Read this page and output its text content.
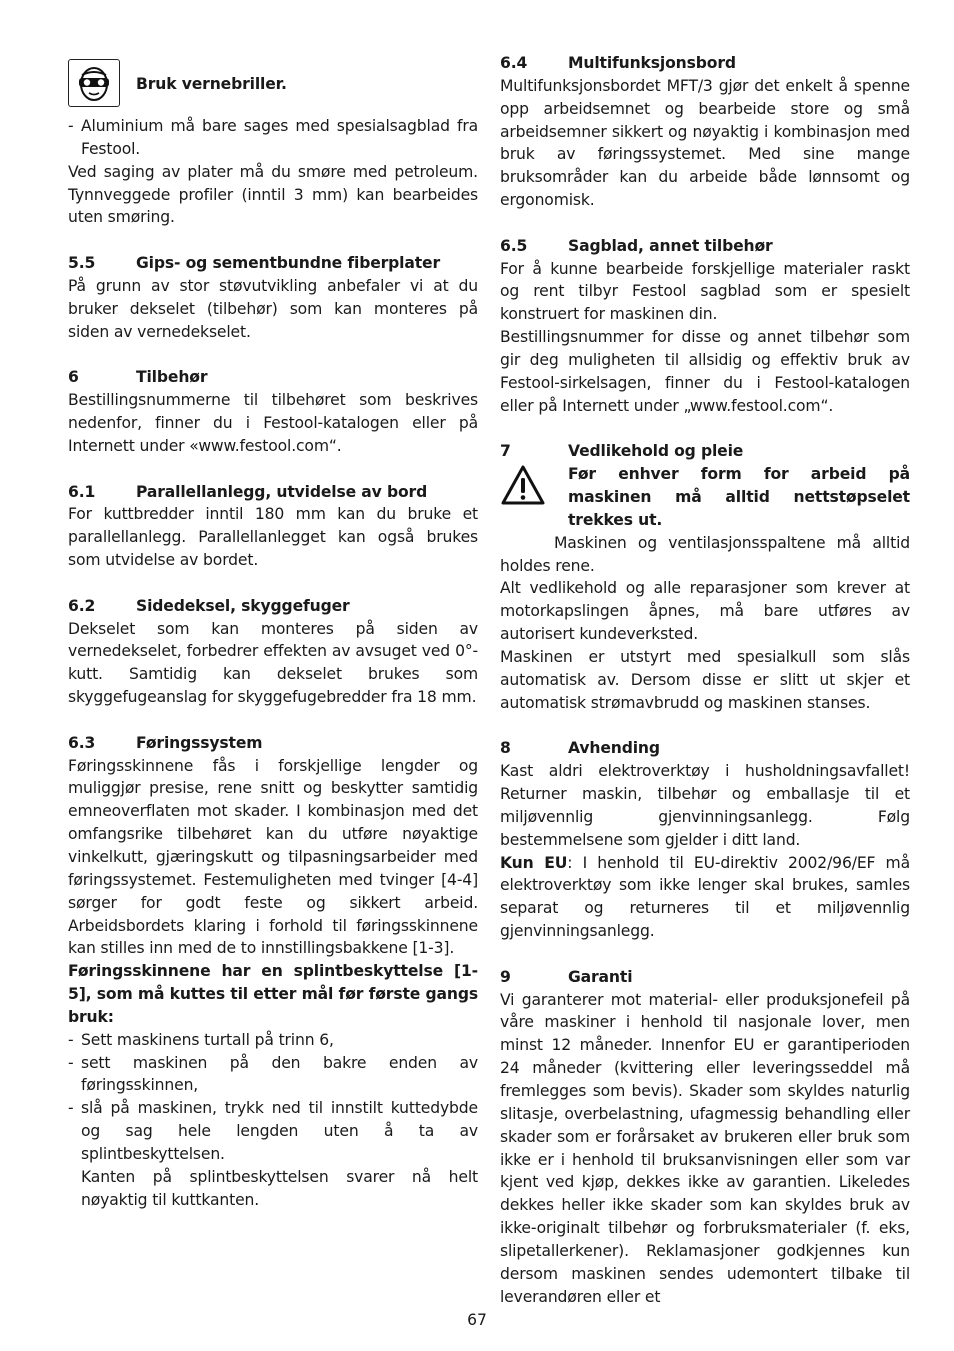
Bruk vernebriller.
- Aluminium må bare sages med spesialsagblad fra Festool.

Ved saging av plater må du smøre med petroleum. Tynnveggede profiler (inntil 3 mm) kan bearbeides uten smøring.

5.5	Gips- og sementbundne fiberplater

På grunn av stor støvutvikling anbefaler vi at du bruker dekselet (tilbehør) som kan monteres på siden av vernedekselet.

6	Tilbehør

Bestillingsnummerne til tilbehøret som beskrives nedenfor, finner du i Festool-katalogen eller på Internett under «www.festool.com“.

6.1	Parallellanlegg, utvidelse av bord

For kuttbredder inntil 180 mm kan du bruke et parallellanlegg. Parallellanlegget kan også brukes som utvidelse av bordet.

6.2	Sidedeksel, skyggefuger

Dekselet som kan monteres på siden av vernedekselet, forbedrer effekten av avsuget ved 0°-kutt. Samtidig kan dekselet brukes som skyggefugeanslag for skyggefugebredder fra 18 mm.

6.3	Føringssystem

Føringsskinnene fås i forskjellige lengder og muliggjør presise, rene snitt og beskytter samtidig emneoverflaten mot skader. I kombinasjon med det omfangsrike tilbehøret kan du utføre nøyaktige vinkelkutt, gjæringskutt og tilpasningsarbeider med føringssystemet. Festemuligheten med tvinger [4-4] sørger for godt feste og sikkert arbeid. Arbeidsbordets klaring i forhold til føringsskinnene kan stilles inn med de to innstillingsbakkene [1-3].

Føringsskinnene har en splintbeskyttelse [1-5], som må kuttes til etter mål før første gangs bruk:

- Sett maskinens turtall på trinn 6,
- sett maskinen på den bakre enden av føringsskinnen,
- slå på maskinen, trykk ned til innstilt kuttedybde og sag hele lengden uten å ta av splintbeskyttelsen.

Kanten på splintbeskyttelsen svarer nå helt nøyaktig til kuttkanten.

6.4	Multifunksjonsbord

Multifunksjonsbordet MFT/3 gjør det enkelt å spenne opp arbeidsemnet og bearbeide store og små arbeidsemner sikkert og nøyaktig i kombinasjon med bruk av føringssystemet. Med sine mange bruksområder kan du arbeide både lønnsomt og ergonomisk.

6.5	Sagblad, annet tilbehør

For å kunne bearbeide forskjellige materialer raskt og rent tilbyr Festool sagblad som er spesielt konstruert for maskinen din.

Bestillingsnummer for disse og annet tilbehør som gir deg muligheten til allsidig og effektiv bruk av Festool-sirkelsagen, finner du i Festool-katalogen eller på Internett under „www.festool.com“.

7	Vedlikehold og pleie

Før enhver form for arbeid på maskinen må alltid nettstøpselet trekkes ut.

Maskinen og ventilasjonsspaltene må alltid holdes rene.

Alt vedlikehold og alle reparasjoner som krever at motorkapslingen åpnes, må bare utføres av autorisert kundeverksted.

Maskinen er utstyrt med spesialkull som slås automatisk av. Dersom disse er slitt ut skjer et automatisk strømavbrudd og maskinen stanses.

8	Avhending

Kast aldri elektroverktøy i husholdningsavfallet! Returner maskin, tilbehør og emballasje til et miljøvennlig gjenvinningsanlegg. Følg bestemmelsene som gjelder i ditt land.

Kun EU: I henhold til EU-direktiv 2002/96/EF må elektroverktøy som ikke lenger skal brukes, samles separat og returneres til et miljøvennlig gjenvinningsanlegg.

9	Garanti

Vi garanterer mot material- eller produksjonefeil på våre maskiner i henhold til nasjonale lover, men minst 12 måneder. Innenfor EU er garantiperioden 24 måneder (kvittering eller leveringsseddel må fremlegges som bevis). Skader som skyldes naturlig slitasje, overbelastning, ufagmessig behandling eller skader som er forårsaket av brukeren eller bruk som ikke er i henhold til bruksanvisningen eller som var kjent ved kjøp, dekkes ikke av garantien. Likeledes dekkes heller ikke skader som kan skyldes bruk av ikke-originalt tilbehør og forbruksmaterialer (f. eks, slipetallerkener). Reklamasjoner godkjennes kun dersom maskinen sendes udemontert tilbake til leverandøren eller et

67
